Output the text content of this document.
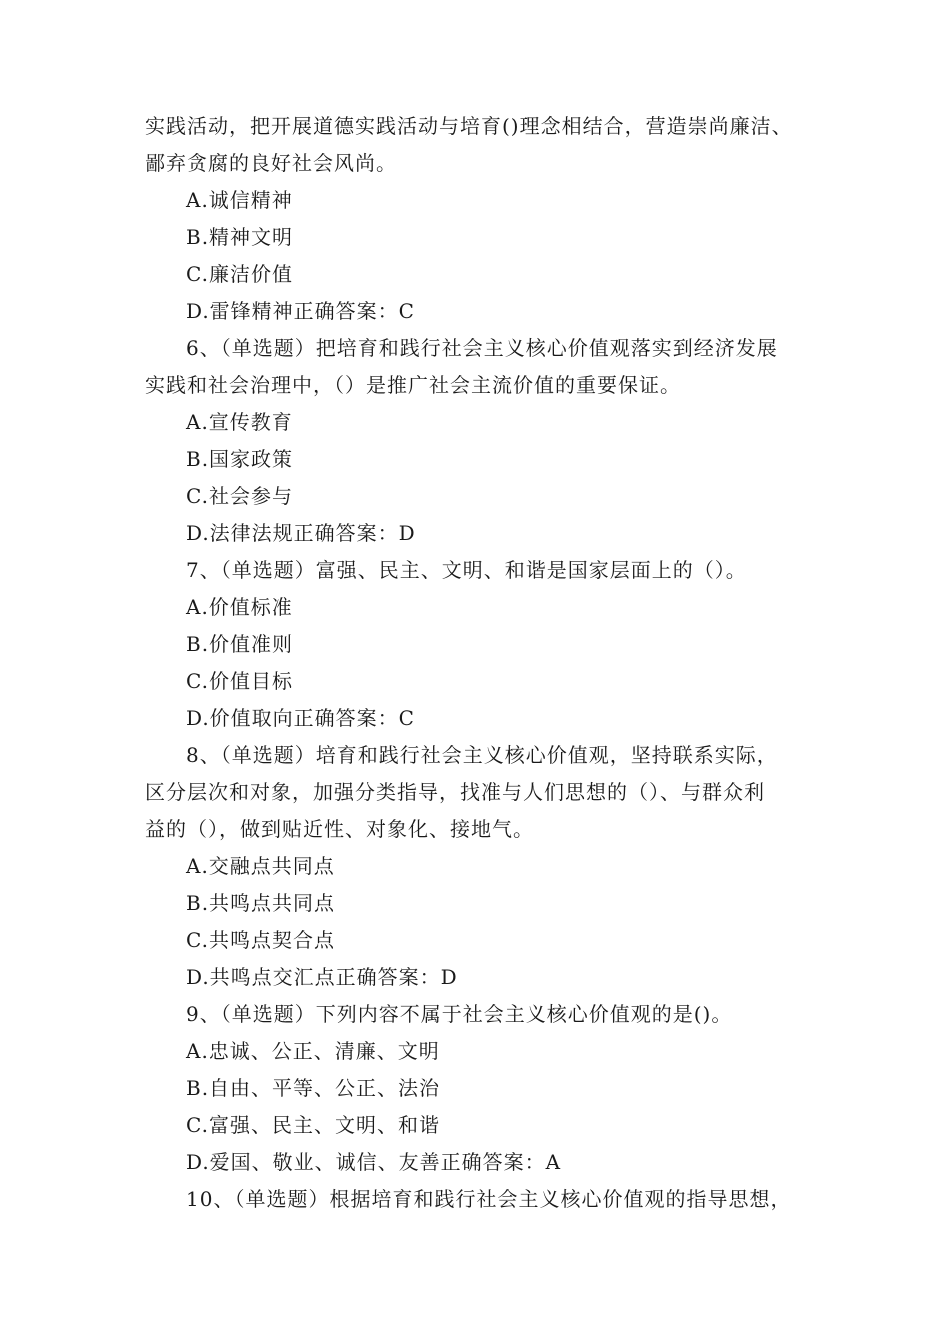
实践活动，把开展道德实践活动与培育()理念相结合，营造崇尚廉洁、
鄙弃贪腐的良好社会风尚。
A.诚信精神
B.精神文明
C.廉洁价值
D.雷锋精神正确答案：C
6、（单选题）把培育和践行社会主义核心价值观落实到经济发展
实践和社会治理中，（）是推广社会主流价值的重要保证。
A.宣传教育
B.国家政策
C.社会参与
D.法律法规正确答案：D
7、（单选题）富强、民主、文明、和谐是国家层面上的（）。
A.价值标准
B.价值准则
C.价值目标
D.价值取向正确答案：C
8、（单选题）培育和践行社会主义核心价值观，坚持联系实际，
区分层次和对象，加强分类指导，找准与人们思想的（）、与群众利
益的（），做到贴近性、对象化、接地气。
A.交融点共同点
B.共鸣点共同点
C.共鸣点契合点
D.共鸣点交汇点正确答案：D
9、（单选题）下列内容不属于社会主义核心价值观的是()。
A.忠诚、公正、清廉、文明
B.自由、平等、公正、法治
C.富强、民主、文明、和谐
D.爱国、敬业、诚信、友善正确答案：A
10、（单选题）根据培育和践行社会主义核心价值观的指导思想，
